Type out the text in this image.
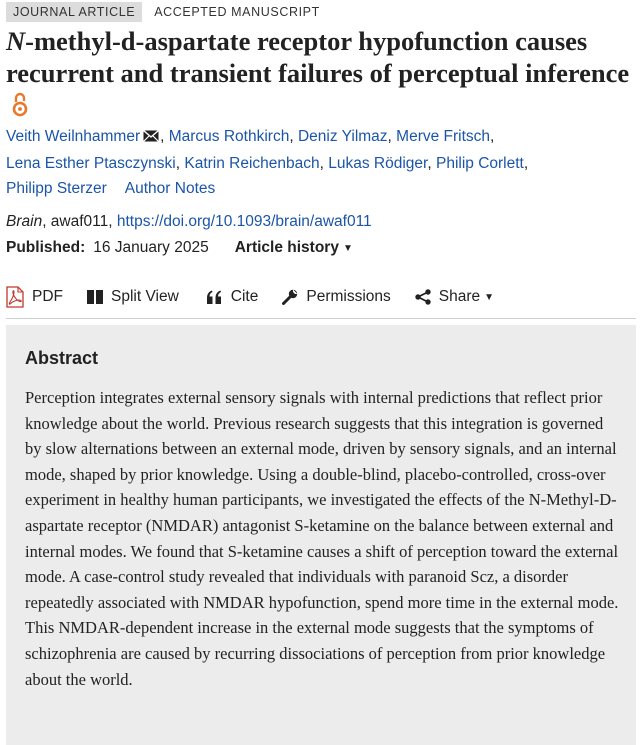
JOURNAL ARTICLE	ACCEPTED MANUSCRIPT
N-methyl-d-aspartate receptor hypofunction causes recurrent and transient failures of perceptual inference
Veith Weilnhammer , Marcus Rothkirch, Deniz Yilmaz, Merve Fritsch,
Lena Esther Ptasczynski, Katrin Reichenbach, Lukas Rödiger, Philip Corlett,
Philipp Sterzer Author Notes
Brain, awaf011, https://doi.org/10.1093/brain/awaf011
Published: 16 January 2025 Article history ▼
PDF	Split View	Cite	Permissions	Share ▼
Abstract

Perception integrates external sensory signals with internal predictions that reflect prior knowledge about the world. Previous research suggests that this integration is governed by slow alternations between an external mode, driven by sensory signals, and an internal mode, shaped by prior knowledge. Using a double-blind, placebo-controlled, cross-over experiment in healthy human participants, we investigated the effects of the N-Methyl-D-aspartate receptor (NMDAR) antagonist S-ketamine on the balance between external and internal modes. We found that S-ketamine causes a shift of perception toward the external mode. A case-control study revealed that individuals with paranoid Scz, a disorder repeatedly associated with NMDAR hypofunction, spend more time in the external mode. This NMDAR-dependent increase in the external mode suggests that the symptoms of schizophrenia are caused by recurring dissociations of perception from prior knowledge about the world.
